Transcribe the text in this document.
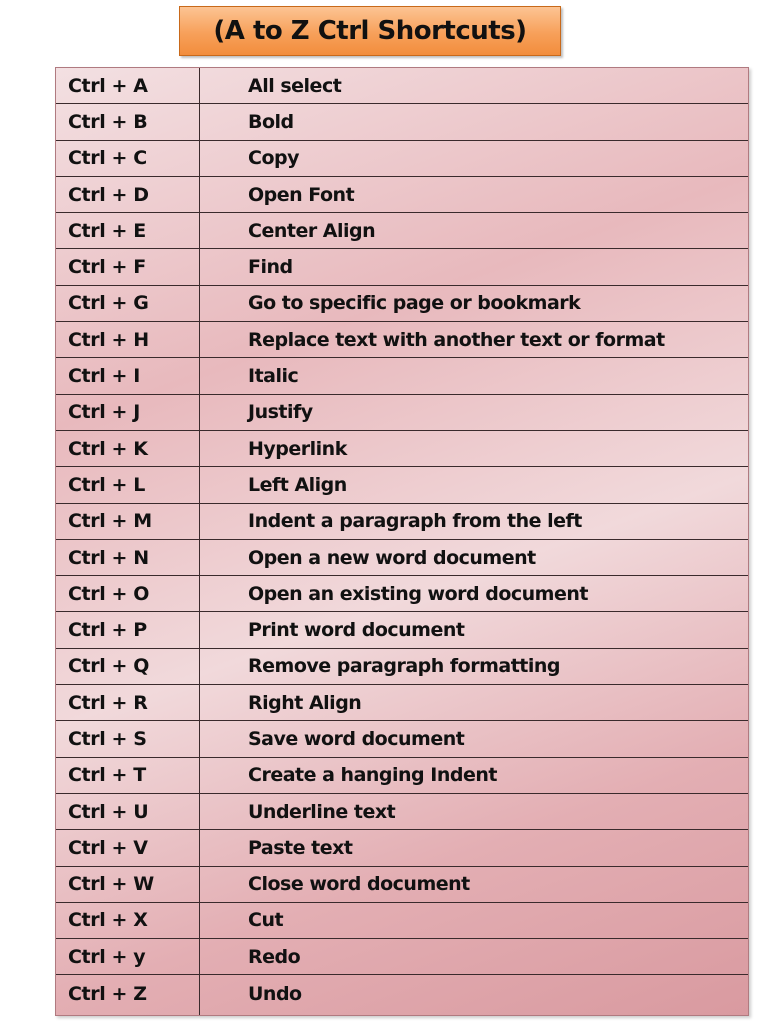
(A to Z Ctrl Shortcuts)
Ctrl + A	All select
Ctrl + B	Bold
Ctrl + C	Copy
Ctrl + D	Open Font
Ctrl + E	Center Align
Ctrl + F	Find
Ctrl + G	Go to specific page or bookmark
Ctrl + H	Replace text with another text or format
Ctrl + I	Italic
Ctrl + J	Justify
Ctrl + K	Hyperlink
Ctrl + L	Left Align
Ctrl + M	Indent a paragraph from the left
Ctrl + N	Open a new word document
Ctrl + O	Open an existing word document
Ctrl + P	Print word document
Ctrl + Q	Remove paragraph formatting
Ctrl + R	Right Align
Ctrl + S	Save word document
Ctrl + T	Create a hanging Indent
Ctrl + U	Underline text
Ctrl + V	Paste text
Ctrl + W	Close word document
Ctrl + X	Cut
Ctrl + y	Redo
Ctrl + Z	Undo
